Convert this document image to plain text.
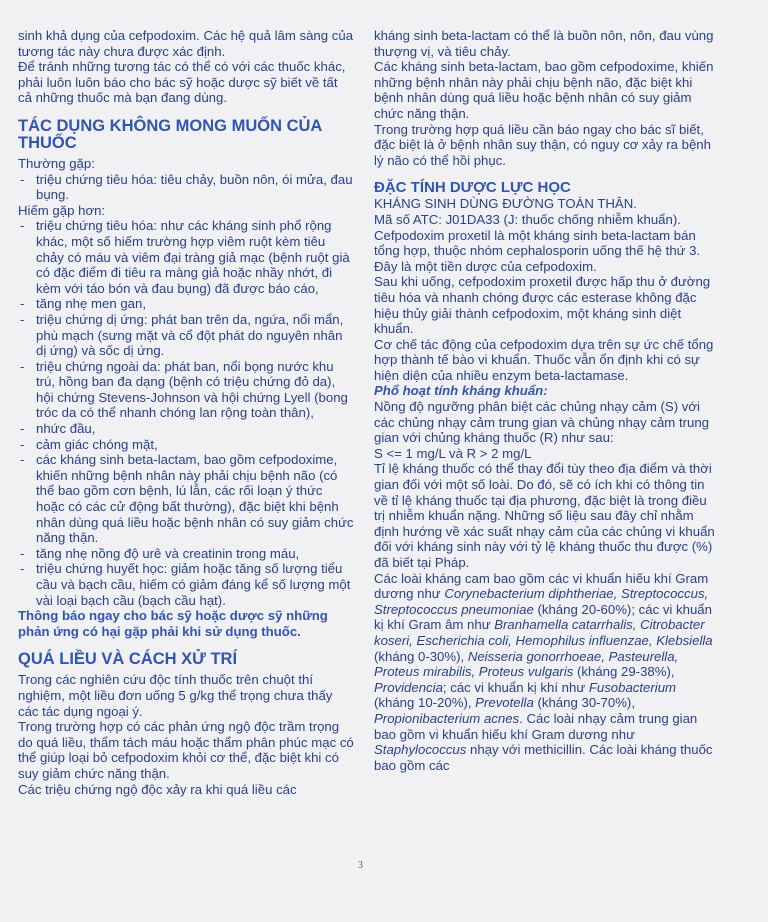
sinh khả dụng của cefpodoxim. Các hệ quả lâm sàng của tương tác này chưa được xác định.

Để tránh những tương tác có thể có với các thuốc khác, phải luôn luôn báo cho bác sỹ hoặc dược sỹ biết về tất cả những thuốc mà bạn đang dùng.

TÁC DỤNG KHÔNG MONG MUỐN CỦA THUỐC

Thường gặp:

- triệu chứng tiêu hóa: tiêu chảy, buồn nôn, ói mửa, đau bụng.

Hiếm gặp hơn:

- triệu chứng tiêu hóa: như các kháng sinh phổ rộng khác, một số hiếm trường hợp viêm ruột kèm tiêu chảy có máu và viêm đại tràng giả mạc (bệnh ruột già có đặc điểm đi tiêu ra màng giả hoặc nhầy nhớt, đi kèm với táo bón và đau bụng) đã được báo cáo,
- tăng nhẹ men gan,
- triệu chứng dị ứng: phát ban trên da, ngứa, nổi mẩn, phù mạch (sưng mặt và cổ đột phát do nguyên nhân dị ứng) và sốc dị ứng.
- triệu chứng ngoài da: phát ban, nổi bọng nước khu trú, hồng ban đa dạng (bệnh có triệu chứng đỏ da), hội chứng Stevens-Johnson và hội chứng Lyell (bong tróc da có thể nhanh chóng lan rộng toàn thân),
- nhức đầu,
- cảm giác chóng mặt,
- các kháng sinh beta-lactam, bao gồm cefpodoxime, khiến những bệnh nhân này phải chịu bệnh não (có thể bao gồm cơn bệnh, lú lẫn, các rối loạn ý thức hoặc có các cử động bất thường), đặc biệt khi bệnh nhân dùng quá liều hoặc bệnh nhân có suy giảm chức năng thận.
- tăng nhẹ nồng độ urê và creatinin trong máu,
- triệu chứng huyết học: giảm hoặc tăng số lượng tiểu cầu và bạch cầu, hiếm có giảm đáng kể số lượng một vài loại bạch cầu (bạch cầu hạt).

Thông báo ngay cho bác sỹ hoặc dược sỹ những phản ứng có hại gặp phải khi sử dụng thuốc.

QUÁ LIỀU VÀ CÁCH XỬ TRÍ

Trong các nghiên cứu độc tính thuốc trên chuột thí nghiệm, một liều đơn uống 5 g/kg thể trọng chưa thấy các tác dụng ngoại ý.

Trong trường hợp có các phản ứng ngộ độc trầm trọng do quá liều, thẩm tách máu hoặc thẩm phân phúc mạc có thể giúp loại bỏ cefpodoxim khỏi cơ thể, đặc biệt khi có suy giảm chức năng thận.

Các triệu chứng ngộ độc xảy ra khi quá liều các

kháng sinh beta-lactam có thể là buồn nôn, nôn, đau vùng thượng vị, và tiêu chảy.

Các kháng sinh beta-lactam, bao gồm cefpodoxime, khiến những bệnh nhân này phải chịu bệnh não, đặc biệt khi bệnh nhân dùng quá liều hoặc bệnh nhân có suy giảm chức năng thận.

Trong trường hợp quá liều cần báo ngay cho bác sĩ biết, đặc biệt là ở bệnh nhân suy thận, có nguy cơ xảy ra bệnh lý não có thể hồi phục.

ĐẶC TÍNH DƯỢC LỰC HỌC

KHÁNG SINH DÙNG ĐƯỜNG TOÀN THÂN.

Mã số ATC: J01DA33 (J: thuốc chống nhiễm khuẩn).

Cefpodoxim proxetil là một kháng sinh beta-lactam bán tổng hợp, thuộc nhóm cephalosporin uống thế hệ thứ 3. Đây là một tiền dược của cefpodoxim.

Sau khi uống, cefpodoxim proxetil được hấp thu ở đường tiêu hóa và nhanh chóng được các esterase không đặc hiệu thủy giải thành cefpodoxim, một kháng sinh diệt khuẩn.

Cơ chế tác động của cefpodoxim dựa trên sự ức chế tổng hợp thành tế bào vi khuẩn. Thuốc vẫn ổn định khi có sự hiện diện của nhiều enzym beta-lactamase.

Phổ hoạt tính kháng khuẩn:

Nồng độ ngưỡng phân biệt các chủng nhạy cảm (S) với các chủng nhạy cảm trung gian và chủng nhạy cảm trung gian với chủng kháng thuốc (R) như sau:

S <= 1 mg/L và R > 2 mg/L

Tỉ lệ kháng thuốc có thể thay đổi tùy theo địa điểm và thời gian đối với một số loài. Do đó, sẽ có ích khi có thông tin về tỉ lệ kháng thuốc tại địa phương, đặc biệt là trong điều trị nhiễm khuẩn nặng. Những số liệu sau đây chỉ nhằm định hướng về xác suất nhạy cảm của các chủng vi khuẩn đối với kháng sinh này với tỷ lệ kháng thuốc thu được (%) đã biết tại Pháp.

Các loài kháng cam bao gồm các vi khuẩn hiếu khí Gram dương như Corynebacterium diphtheriae, Streptococcus, Streptococcus pneumoniae (kháng 20-60%); các vi khuẩn kị khí Gram âm như Branhamella catarrhalis, Citrobacter koseri, Escherichia coli, Hemophilus influenzae, Klebsiella (kháng 0-30%), Neisseria gonorrhoeae, Pasteurella, Proteus mirabilis, Proteus vulgaris (kháng 29-38%), Providencia; các vi khuẩn kị khí như Fusobacterium (kháng 10-20%), Prevotella (kháng 30-70%), Propionibacterium acnes. Các loài nhạy cảm trung gian bao gồm vi khuẩn hiếu khí Gram dương như Staphylococcus nhạy với methicillin. Các loài kháng thuốc bao gồm các

3
